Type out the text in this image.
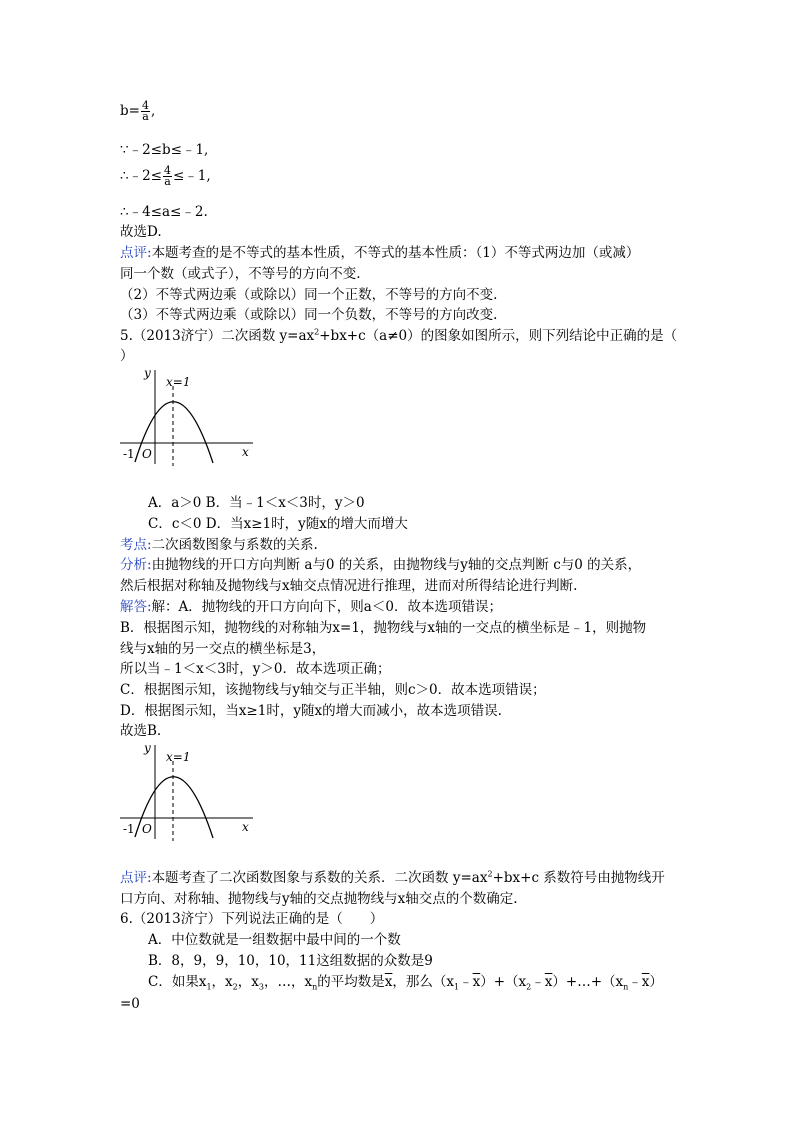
$b= \frac{4}{a}$ ,
∵﹣2≤b≤﹣1,
∴﹣2≤ $\frac{4}{a}$ ≤﹣1,
∴﹣4≤a≤﹣2.
故选D.
点评:本题考查的是不等式的基本性质，不等式的基本性质：（1）不等式两边加（或减）
同一个数（或式子），不等号的方向不变.
（2）不等式两边乘（或除以）同一个正数，不等号的方向不变.
（3）不等式两边乘（或除以）同一个负数，不等号的方向改变.
5.（2013济宁）二次函数 $y=ax^2+bx+c(a\ne 0)$的图象如图所示，则下列结论中正确的是（
）
y
x
x=1
O
-1
A．a＞0 B．当﹣1＜x＜3时，y＞0
C．c＜0 D．当x≥1时，y随x的增大而增大
考点:二次函数图象与系数的关系.
分析:由抛物线的开口方向判断 a与0 的关系，由抛物线与y轴的交点判断 c与0 的关系，
然后根据对称轴及抛物线与x轴交点情况进行推理，进而对所得结论进行判断.
解答:解：A．抛物线的开口方向向下，则a＜0．故本选项错误；
B．根据图示知，抛物线的对称轴为x=1，抛物线与x轴的一交点的横坐标是﹣1，则抛物
线与x轴的另一交点的横坐标是3，
所以当﹣1＜x＜3时，y＞0．故本选项正确；
C．根据图示知，该抛物线与y轴交与正半轴，则c＞0．故本选项错误；
D．根据图示知，当x≥1时，y随x的增大而减小，故本选项错误.
故选B.
y
x
x=1
O
-1
点评:本题考查了二次函数图象与系数的关系．二次函数 $y=ax^2+bx+c$ 系数符号由抛物线开
口方向、对称轴、抛物线与y轴的交点抛物线与x轴交点的个数确定.
6.（2013济宁）下列说法正确的是（　　）
A．中位数就是一组数据中最中间的一个数
B．8，9，9，10，10，11这组数据的众数是9
C．如果$x_1$，$x_2$，$x_3$，…，$x_n$的平均数是$\overline{x}$，那么$(x_1﹣\overline{x})+(x_2﹣\overline{x})+\dots+(x_n﹣\overline{x})$
=0
